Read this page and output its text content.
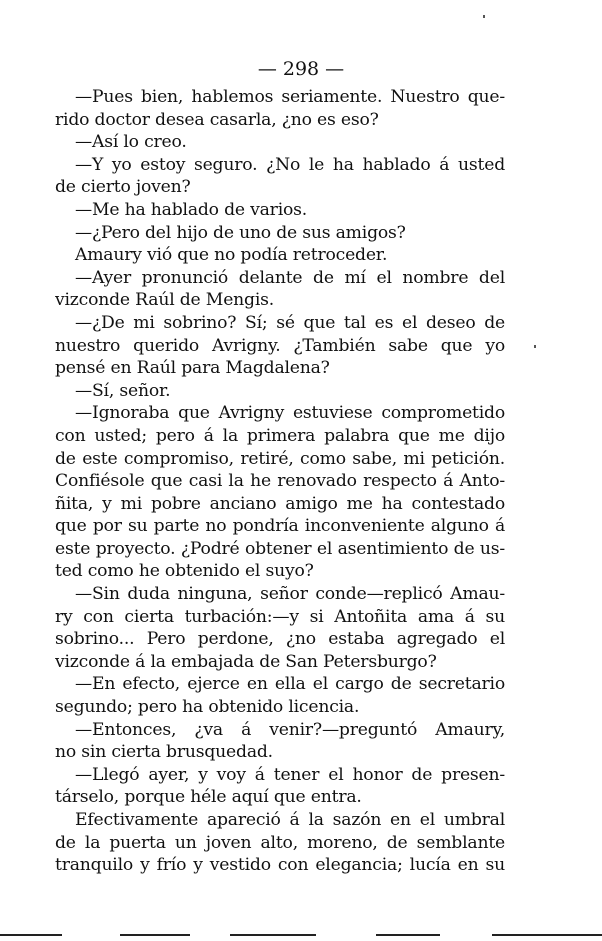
— 298 —
—Pues bien, hablemos seriamente. Nuestro que-
rido doctor desea casarla, ¿no es eso?
—Así lo creo.
—Y yo estoy seguro. ¿No le ha hablado á usted
de cierto joven?
—Me ha hablado de varios.
—¿Pero del hijo de uno de sus amigos?
Amaury vió que no podía retroceder.
—Ayer pronunció delante de mí el nombre del
vizconde Raúl de Mengis.
—¿De mi sobrino? Sí; sé que tal es el deseo de
nuestro querido Avrigny. ¿También sabe que yo
pensé en Raúl para Magdalena?
—Sí, señor.
—Ignoraba que Avrigny estuviese comprometido
con usted; pero á la primera palabra que me dijo
de este compromiso, retiré, como sabe, mi petición.
Confiésole que casi la he renovado respecto á Anto-
ñita, y mi pobre anciano amigo me ha contestado
que por su parte no pondría inconveniente alguno á
este proyecto. ¿Podré obtener el asentimiento de us-
ted como he obtenido el suyo?
—Sin duda ninguna, señor conde—replicó Amau-
ry con cierta turbación:—y si Antoñita ama á su
sobrino... Pero perdone, ¿no estaba agregado el
vizconde á la embajada de San Petersburgo?
—En efecto, ejerce en ella el cargo de secretario
segundo; pero ha obtenido licencia.
—Entonces, ¿va á venir?—preguntó Amaury,
no sin cierta brusquedad.
—Llegó ayer, y voy á tener el honor de presen-
társelo, porque héle aquí que entra.
Efectivamente apareció á la sazón en el umbral
de la puerta un joven alto, moreno, de semblante
tranquilo y frío y vestido con elegancia; lucía en su
